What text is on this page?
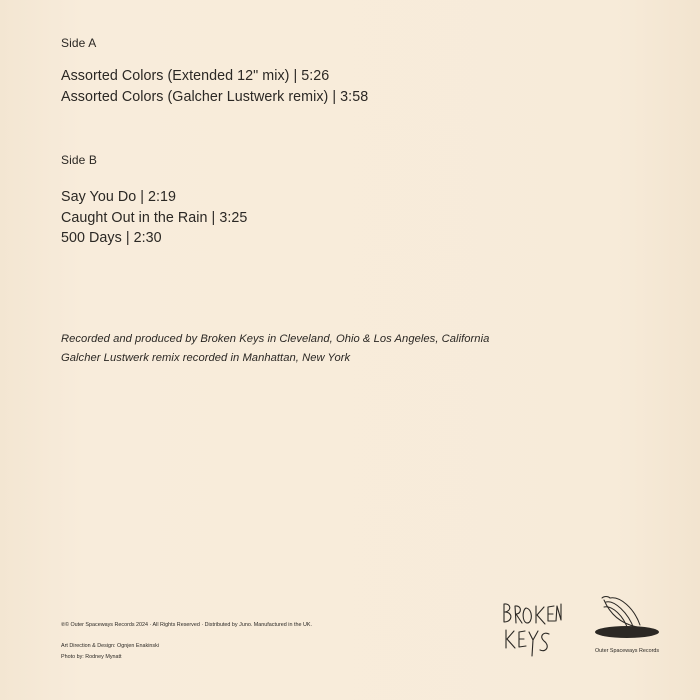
Side A
Assorted Colors (Extended 12" mix) | 5:26
Assorted Colors (Galcher Lustwerk remix) | 3:58
Side B
Say You Do | 2:19
Caught Out in the Rain | 3:25
500 Days | 2:30
Recorded and produced by Broken Keys in Cleveland, Ohio & Los Angeles, California
Galcher Lustwerk remix recorded in Manhattan, New York
℗© Outer Spaceways Records 2024 · All Rights Reserved · Distributed by Juno. Manufactured in the UK.
Art Direction & Design: Ognjen Enakinski
Photo by: Rodney Mynatt
Outer Spaceways Records
